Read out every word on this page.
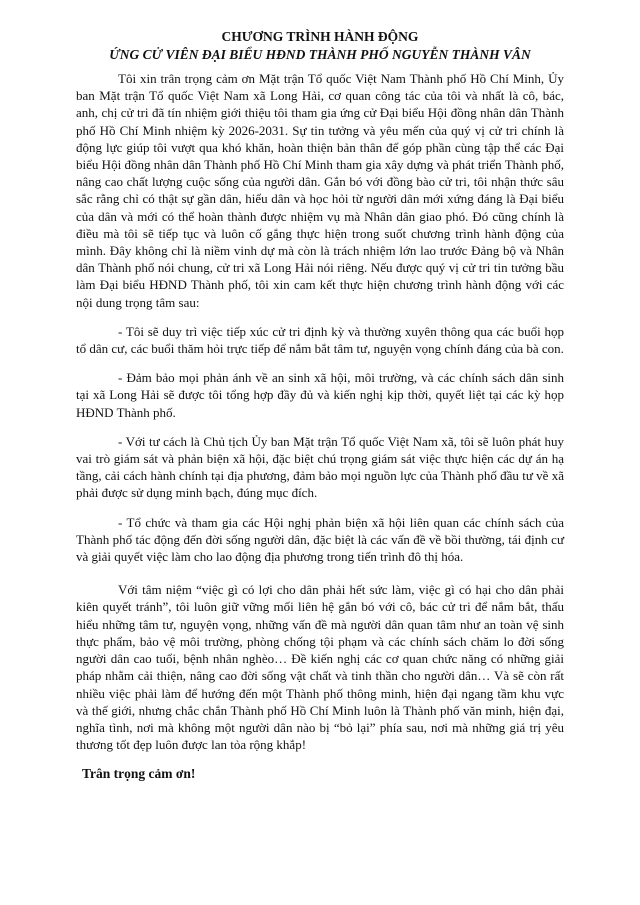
CHƯƠNG TRÌNH HÀNH ĐỘNG
ỨNG CỬ VIÊN ĐẠI BIỂU HĐND THÀNH PHỐ NGUYỄN THÀNH VÂN

Tôi xin trân trọng cảm ơn Mặt trận Tổ quốc Việt Nam Thành phố Hồ Chí Minh, Ủy ban Mặt trận Tổ quốc Việt Nam xã Long Hải, cơ quan công tác của tôi và nhất là cô, bác, anh, chị cử tri đã tín nhiệm giới thiệu tôi tham gia ứng cử Đại biểu Hội đồng nhân dân Thành phố Hồ Chí Minh nhiệm kỳ 2026-2031. Sự tin tưởng và yêu mến của quý vị cử tri chính là động lực giúp tôi vượt qua khó khăn, hoàn thiện bản thân để góp phần cùng tập thể các Đại biểu Hội đồng nhân dân Thành phố Hồ Chí Minh tham gia xây dựng và phát triển Thành phố, nâng cao chất lượng cuộc sống của người dân. Gắn bó với đồng bào cử tri, tôi nhận thức sâu sắc rằng chỉ có thật sự gần dân, hiểu dân và học hỏi từ người dân mới xứng đáng là Đại biểu của dân và mới có thể hoàn thành được nhiệm vụ mà Nhân dân giao phó. Đó cũng chính là điều mà tôi sẽ tiếp tục và luôn cố gắng thực hiện trong suốt chương trình hành động của mình. Đây không chỉ là niềm vinh dự mà còn là trách nhiệm lớn lao trước Đảng bộ và Nhân dân Thành phố nói chung, cử tri xã Long Hải nói riêng. Nếu được quý vị cử tri tin tưởng bầu làm Đại biểu HĐND Thành phố, tôi xin cam kết thực hiện chương trình hành động với các nội dung trọng tâm sau:

- Tôi sẽ duy trì việc tiếp xúc cử tri định kỳ và thường xuyên thông qua các buổi họp tổ dân cư, các buổi thăm hỏi trực tiếp để nắm bắt tâm tư, nguyện vọng chính đáng của bà con.

- Đảm bảo mọi phản ánh về an sinh xã hội, môi trường, và các chính sách dân sinh tại xã Long Hải sẽ được tôi tổng hợp đầy đủ và kiến nghị kịp thời, quyết liệt tại các kỳ họp HĐND Thành phố.

- Với tư cách là Chủ tịch Ủy ban Mặt trận Tổ quốc Việt Nam xã, tôi sẽ luôn phát huy vai trò giám sát và phản biện xã hội, đặc biệt chú trọng giám sát việc thực hiện các dự án hạ tầng, cải cách hành chính tại địa phương, đảm bảo mọi nguồn lực của Thành phố đầu tư về xã phải được sử dụng minh bạch, đúng mục đích.

- Tổ chức và tham gia các Hội nghị phản biện xã hội liên quan các chính sách của Thành phố tác động đến đời sống người dân, đặc biệt là các vấn đề về bồi thường, tái định cư và giải quyết việc làm cho lao động địa phương trong tiến trình đô thị hóa.

Với tâm niệm “việc gì có lợi cho dân phải hết sức làm, việc gì có hại cho dân phải kiên quyết tránh”, tôi luôn giữ vững mối liên hệ gắn bó với cô, bác cử tri để nắm bắt, thấu hiểu những tâm tư, nguyện vọng, những vấn đề mà người dân quan tâm như an toàn vệ sinh thực phẩm, bảo vệ môi trường, phòng chống tội phạm và các chính sách chăm lo đời sống người dân cao tuổi, bệnh nhân nghèo… Đề kiến nghị các cơ quan chức năng có những giải pháp nhằm cải thiện, nâng cao đời sống vật chất và tinh thần cho người dân… Và sẽ còn rất nhiều việc phải làm để hướng đến một Thành phố thông minh, hiện đại ngang tầm khu vực và thế giới, nhưng chắc chắn Thành phố Hồ Chí Minh luôn là Thành phố văn minh, hiện đại, nghĩa tình, nơi mà không một người dân nào bị “bỏ lại” phía sau, nơi mà những giá trị yêu thương tốt đẹp luôn được lan tỏa rộng khắp!

Trân trọng cảm ơn!
